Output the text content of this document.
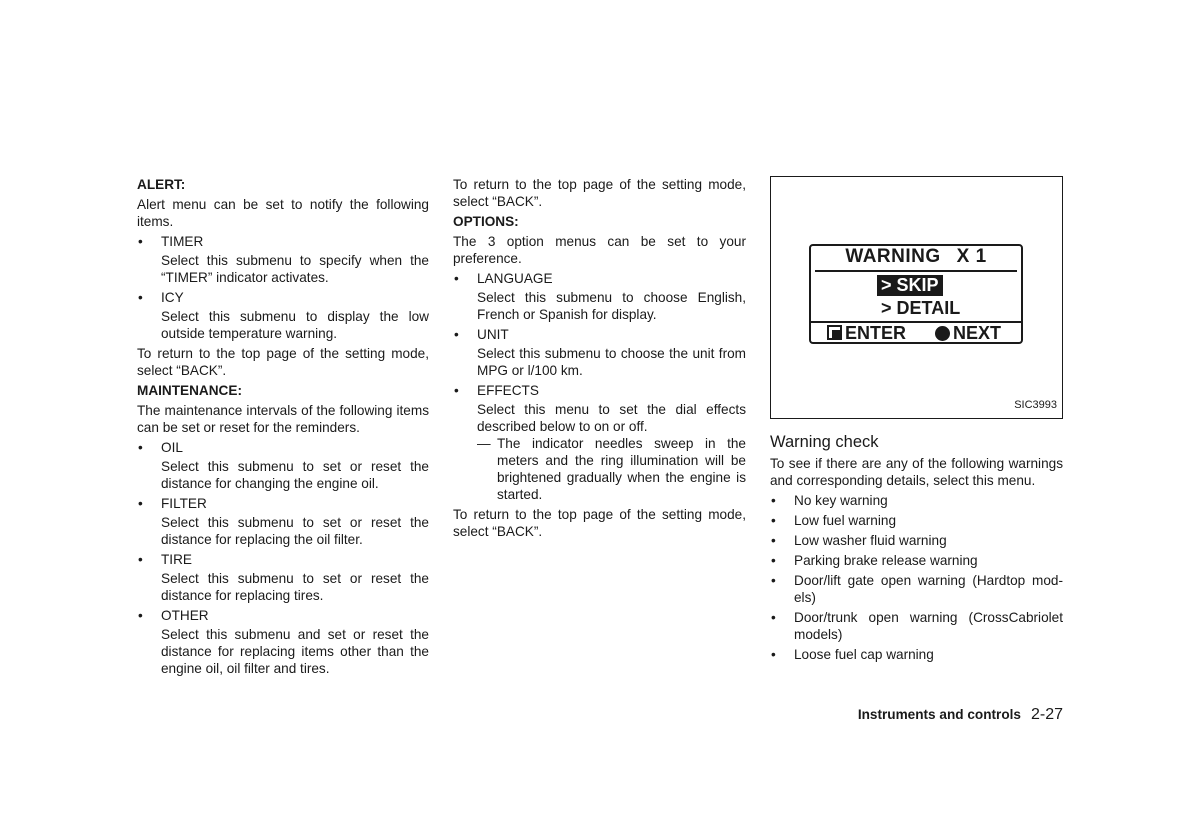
ALERT:

Alert menu can be set to notify the following items.

• TIMER

Select this submenu to specify when the “TIMER” indicator activates.

• ICY

Select this submenu to display the low outside temperature warning.

To return to the top page of the setting mode, select “BACK”.

MAINTENANCE:

The maintenance intervals of the following items can be set or reset for the reminders.

• OIL

Select this submenu to set or reset the distance for changing the engine oil.

• FILTER

Select this submenu to set or reset the distance for replacing the oil filter.

• TIRE

Select this submenu to set or reset the distance for replacing tires.

• OTHER

Select this submenu and set or reset the distance for replacing items other than the engine oil, oil filter and tires.

To return to the top page of the setting mode, select “BACK”.

OPTIONS:

The 3 option menus can be set to your preference.

• LANGUAGE

Select this submenu to choose English, French or Spanish for display.

• UNIT

Select this submenu to choose the unit from MPG or l/100 km.

• EFFECTS

Select this menu to set the dial effects described below to on or off.

— The indicator needles sweep in the meters and the ring illumination will be brightened gradually when the engine is started.

To return to the top page of the setting mode, select “BACK”.

WARNING X 1
> SKIP
> DETAIL
ENTER	NEXT
SIC3993

Warning check

To see if there are any of the following warnings and corresponding details, select this menu.

• No key warning

• Low fuel warning

• Low washer fluid warning

• Parking brake release warning

• Door/lift gate open warning (Hardtop mod-els)

• Door/trunk open warning (CrossCabriolet models)

• Loose fuel cap warning

Instruments and controls 2-27
